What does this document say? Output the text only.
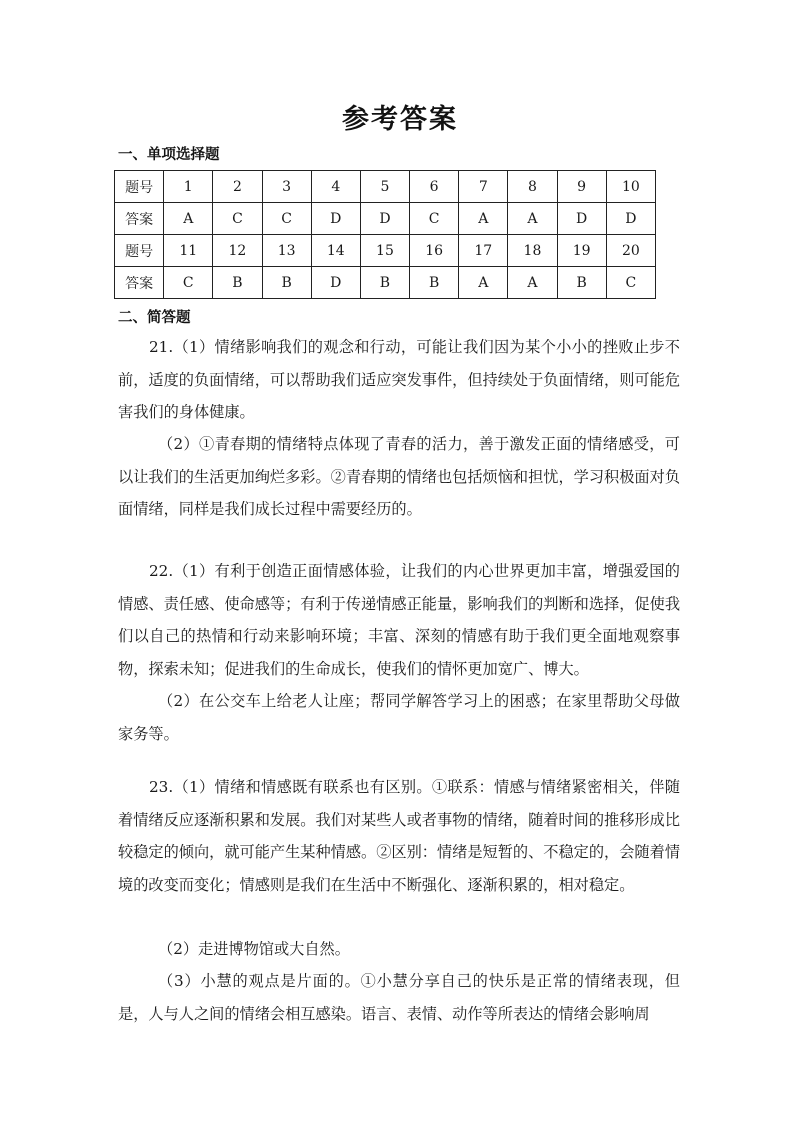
参考答案
一、单项选择题
题号	1	2	3	4	5	6	7	8	9	10
答案	A	C	C	D	D	C	A	A	D	D
题号	11	12	13	14	15	16	17	18	19	20
答案	C	B	B	D	B	B	A	A	B	C
二、简答题

21.（1）情绪影响我们的观念和行动，可能让我们因为某个小小的挫败止步不前，适度的负面情绪，可以帮助我们适应突发事件，但持续处于负面情绪，则可能危害我们的身体健康。

（2）①青春期的情绪特点体现了青春的活力，善于激发正面的情绪感受，可以让我们的生活更加绚烂多彩。②青春期的情绪也包括烦恼和担忧，学习积极面对负面情绪，同样是我们成长过程中需要经历的。

22.（1）有利于创造正面情感体验，让我们的内心世界更加丰富，增强爱国的情感、责任感、使命感等；有利于传递情感正能量，影响我们的判断和选择，促使我们以自己的热情和行动来影响环境；丰富、深刻的情感有助于我们更全面地观察事物，探索未知；促进我们的生命成长，使我们的情怀更加宽广、博大。

（2）在公交车上给老人让座；帮同学解答学习上的困惑；在家里帮助父母做家务等。

23.（1）情绪和情感既有联系也有区别。①联系：情感与情绪紧密相关，伴随着情绪反应逐渐积累和发展。我们对某些人或者事物的情绪，随着时间的推移形成比较稳定的倾向，就可能产生某种情感。②区别：情绪是短暂的、不稳定的，会随着情境的改变而变化；情感则是我们在生活中不断强化、逐渐积累的，相对稳定。

（2）走进博物馆或大自然。

（3）小慧的观点是片面的。①小慧分享自己的快乐是正常的情绪表现，但是，人与人之间的情绪会相互感染。语言、表情、动作等所表达的情绪会影响周
